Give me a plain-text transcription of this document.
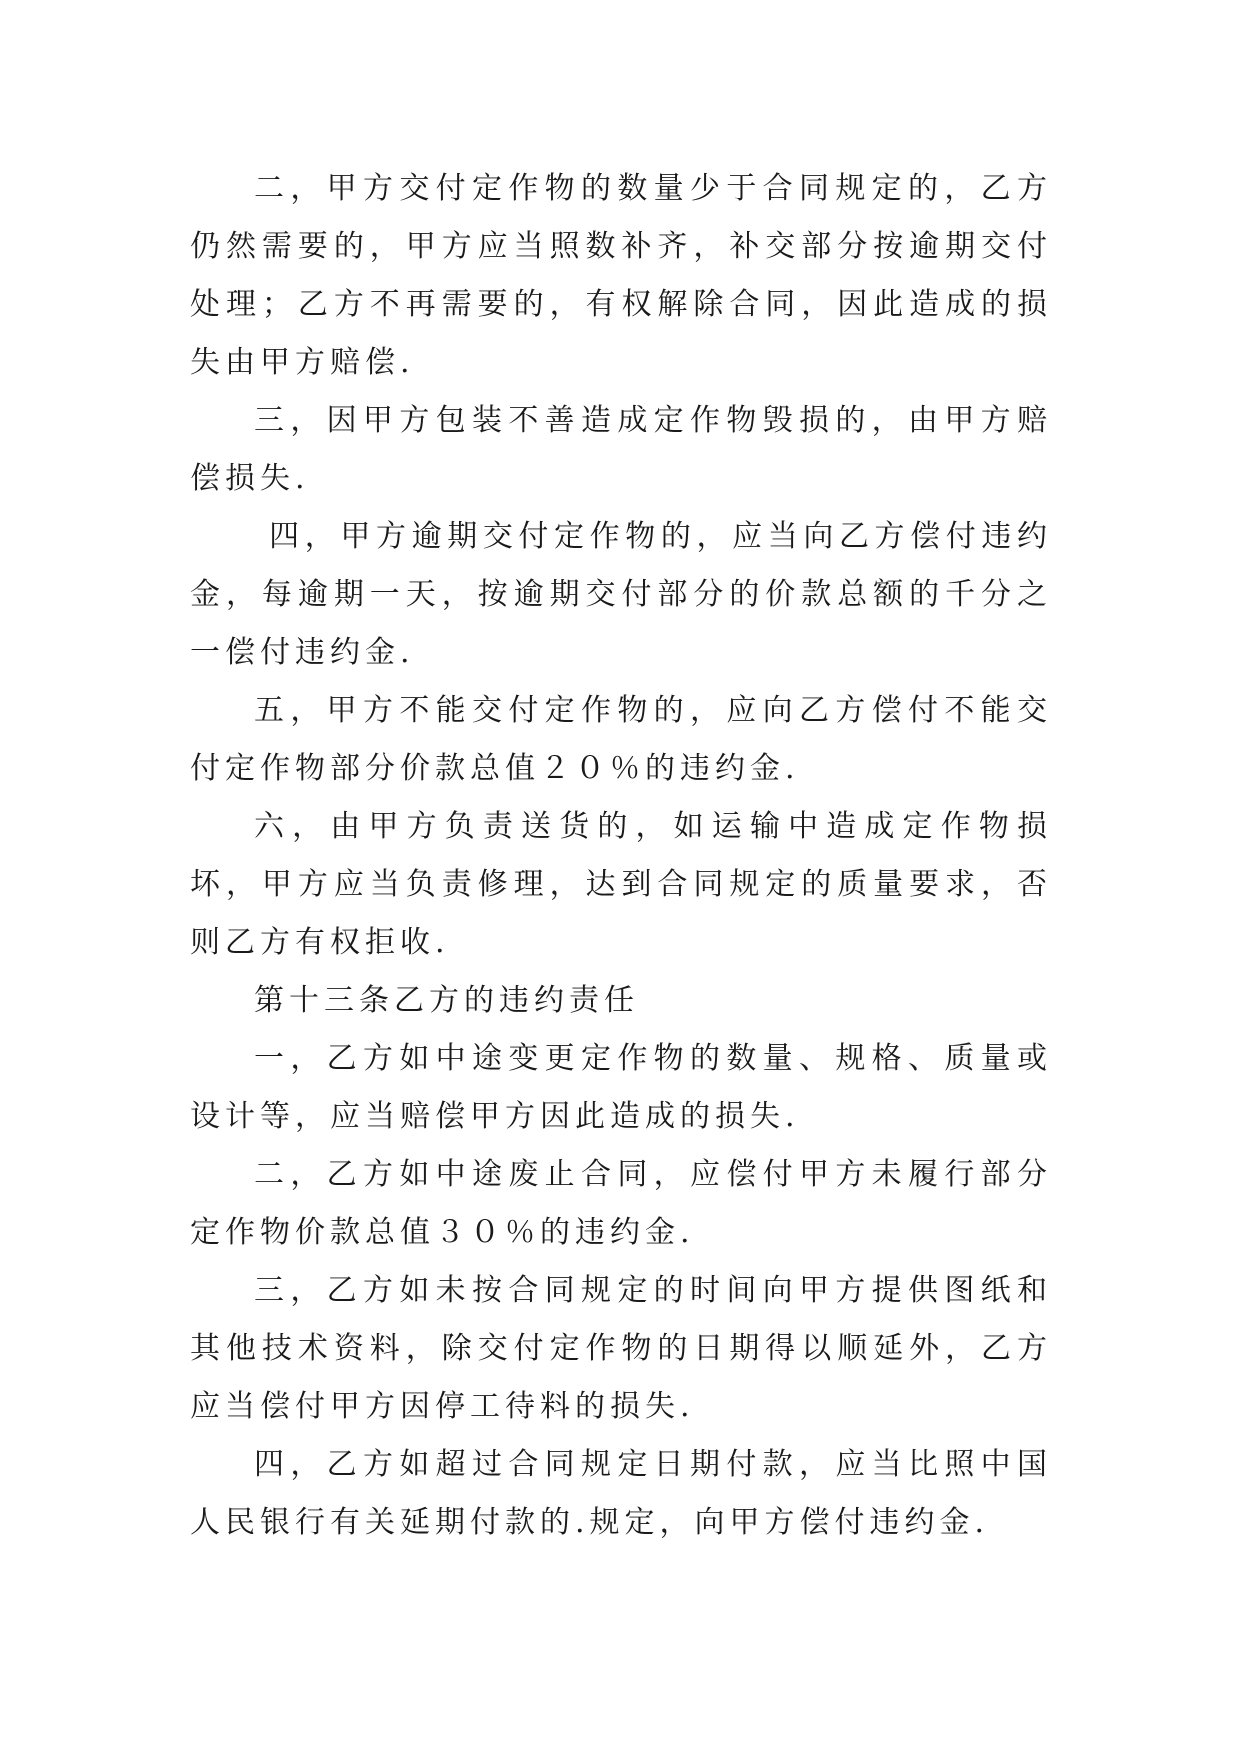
二，甲方交付定作物的数量少于合同规定的，乙方仍然需要的，甲方应当照数补齐，补交部分按逾期交付处理；乙方不再需要的，有权解除合同，因此造成的损失由甲方赔偿.

三，因甲方包装不善造成定作物毁损的，由甲方赔偿损失.

四，甲方逾期交付定作物的，应当向乙方偿付违约金，每逾期一天，按逾期交付部分的价款总额的千分之一偿付违约金.

五，甲方不能交付定作物的，应向乙方偿付不能交付定作物部分价款总值２０％的违约金.

六，由甲方负责送货的，如运输中造成定作物损坏，甲方应当负责修理，达到合同规定的质量要求，否则乙方有权拒收.

第十三条乙方的违约责任

一，乙方如中途变更定作物的数量、规格、质量或设计等，应当赔偿甲方因此造成的损失.

二，乙方如中途废止合同，应偿付甲方未履行部分定作物价款总值３０％的违约金.

三，乙方如未按合同规定的时间向甲方提供图纸和其他技术资料，除交付定作物的日期得以顺延外，乙方应当偿付甲方因停工待料的损失.

四，乙方如超过合同规定日期付款，应当比照中国人民银行有关延期付款的.规定，向甲方偿付违约金.
